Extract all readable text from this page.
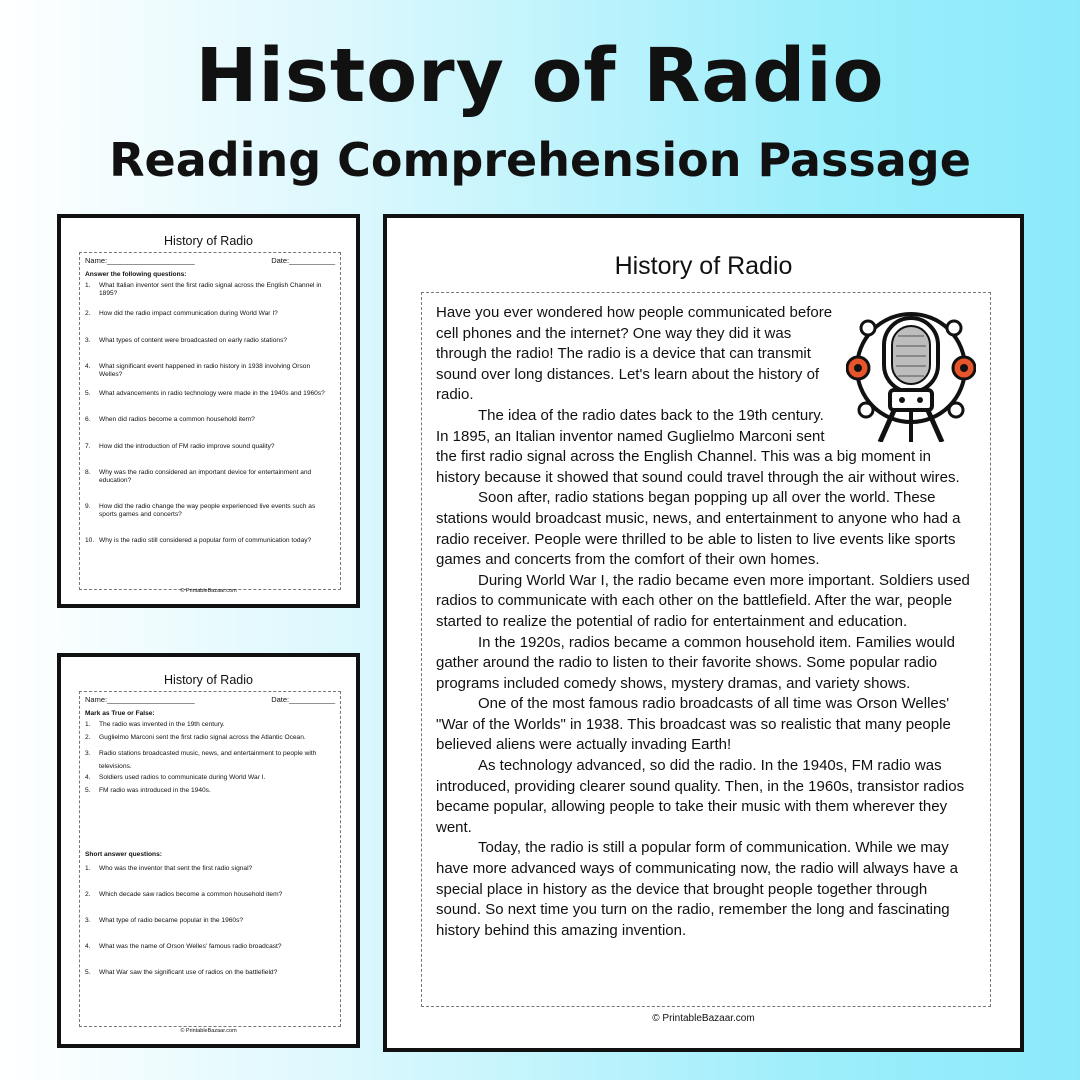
History of Radio
Reading Comprehension Passage
History of Radio
Name:_____________________	Date:___________
Answer the following questions:
1.	What Italian inventor sent the first radio signal across the English Channel in 1895?
2.	How did the radio impact communication during World War I?
3.	What types of content were broadcasted on early radio stations?
4.	What significant event happened in radio history in 1938 involving Orson Welles?
5.	What advancements in radio technology were made in the 1940s and 1960s?
6.	When did radios become a common household item?
7.	How did the introduction of FM radio improve sound quality?
8.	Why was the radio considered an important device for entertainment and education?
9.	How did the radio change the way people experienced live events such as sports games and concerts?
10. Why is the radio still considered a popular form of communication today?
© PrintableBazaar.com
History of Radio
Name:_____________________	Date:___________
Mark as True or False:
1.	The radio was invented in the 19th century.
2.	Guglielmo Marconi sent the first radio signal across the Atlantic Ocean.
3.	Radio stations broadcasted music, news, and entertainment to people with televisions.
4.	Soldiers used radios to communicate during World War I.
5.	FM radio was introduced in the 1940s.
Short answer questions:
1.	Who was the inventor that sent the first radio signal?
2.	Which decade saw radios become a common household item?
3.	What type of radio became popular in the 1960s?
4.	What was the name of Orson Welles' famous radio broadcast?
5.	What War saw the significant use of radios on the battlefield?
© PrintableBazaar.com
History of Radio

Have you ever wondered how people communicated before cell phones and the internet? One way they did it was through the radio! The radio is a device that can transmit sound over long distances. Let's learn about the history of radio.

The idea of the radio dates back to the 19th century. In 1895, an Italian inventor named Guglielmo Marconi sent the first radio signal across the English Channel. This was a big moment in history because it showed that sound could travel through the air without wires.

Soon after, radio stations began popping up all over the world. These stations would broadcast music, news, and entertainment to anyone who had a radio receiver. People were thrilled to be able to listen to live events like sports games and concerts from the comfort of their own homes.

During World War I, the radio became even more important. Soldiers used radios to communicate with each other on the battlefield. After the war, people started to realize the potential of radio for entertainment and education.

In the 1920s, radios became a common household item. Families would gather around the radio to listen to their favorite shows. Some popular radio programs included comedy shows, mystery dramas, and variety shows.

One of the most famous radio broadcasts of all time was Orson Welles' "War of the Worlds" in 1938. This broadcast was so realistic that many people believed aliens were actually invading Earth!

As technology advanced, so did the radio. In the 1940s, FM radio was introduced, providing clearer sound quality. Then, in the 1960s, transistor radios became popular, allowing people to take their music with them wherever they went.

Today, the radio is still a popular form of communication. While we may have more advanced ways of communicating now, the radio will always have a special place in history as the device that brought people together through sound. So next time you turn on the radio, remember the long and fascinating history behind this amazing invention.

© PrintableBazaar.com
